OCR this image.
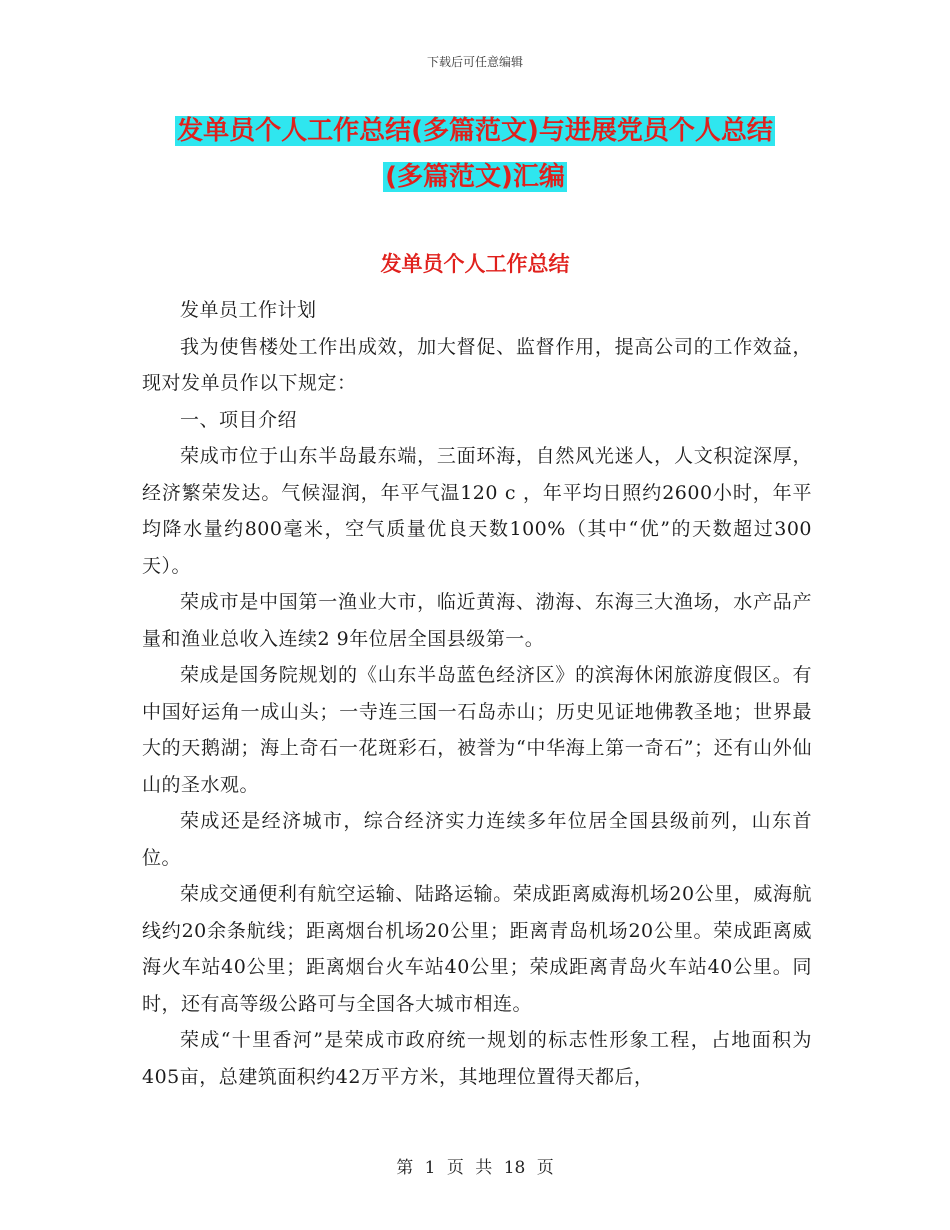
下载后可任意编辑
发单员个人工作总结(多篇范文)与进展党员个人总结
(多篇范文)汇编
发单员个人工作总结

发单员工作计划

我为使售楼处工作出成效，加大督促、监督作用，提高公司的工作效益，现对发单员作以下规定：

一、项目介绍

荣成市位于山东半岛最东端，三面环海，自然风光迷人，人文积淀深厚，经济繁荣发达。气候湿润，年平气温120 c ，年平均日照约2600小时，年平均降水量约800毫米，空气质量优良天数100%（其中“优”的天数超过300天）。

荣成市是中国第一渔业大市，临近黄海、渤海、东海三大渔场，水产品产量和渔业总收入连续2 9年位居全国县级第一。

荣成是国务院规划的《山东半岛蓝色经济区》的滨海休闲旅游度假区。有中国好运角一成山头；一寺连三国一石岛赤山；历史见证地佛教圣地；世界最大的天鹅湖；海上奇石一花斑彩石，被誉为“中华海上第一奇石”；还有山外仙山的圣水观。

荣成还是经济城市，综合经济实力连续多年位居全国县级前列，山东首位。

荣成交通便利有航空运输、陆路运输。荣成距离威海机场20公里，威海航线约20余条航线；距离烟台机场20公里；距离青岛机场20公里。荣成距离威海火车站40公里；距离烟台火车站40公里；荣成距离青岛火车站40公里。同时，还有高等级公路可与全国各大城市相连。

荣成“十里香河”是荣成市政府统一规划的标志性形象工程，占地面积为405亩，总建筑面积约42万平方米，其地理位置得天都后，

第 1 页 共 18 页
